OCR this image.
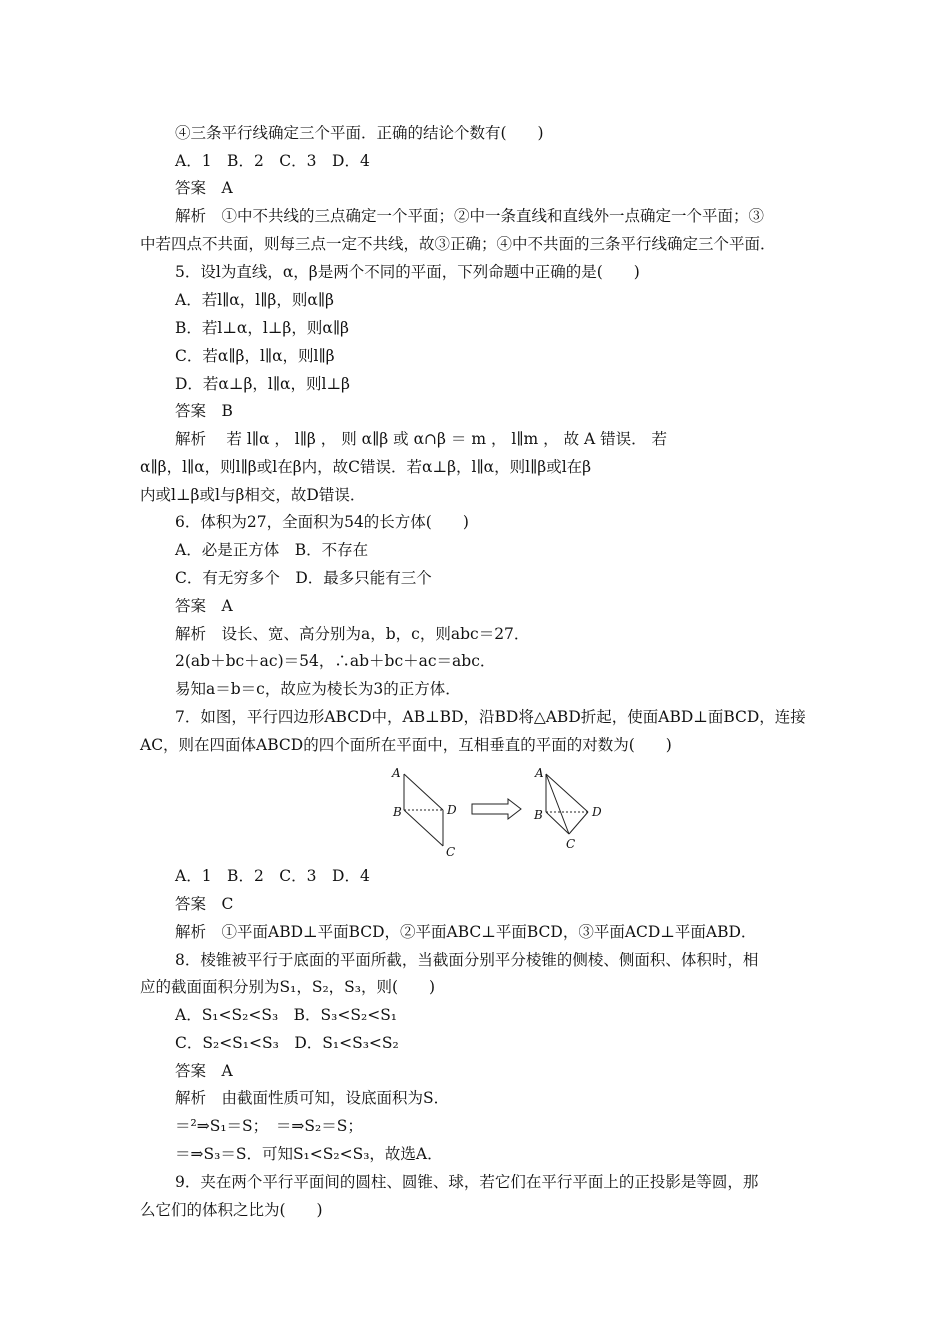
④三条平行线确定三个平面．正确的结论个数有(　　)
A．1　B．2　C．3　D．4
答案　A
解析　①中不共线的三点确定一个平面；②中一条直线和直线外一点确定一个平面；③
中若四点不共面，则每三点一定不共线，故③正确；④中不共面的三条平行线确定三个平面．
5．设l为直线，α，β是两个不同的平面，下列命题中正确的是(　　)
A．若l∥α，l∥β，则α∥β
B．若l⊥α，l⊥β，则α∥β
C．若α∥β，l∥α，则l∥β
D．若α⊥β，l∥α，则l⊥β
答案　B
解析　 若 l∥α ， l∥β ， 则 α∥β 或 α∩β ＝ m ， l∥m ， 故 A 错误． 若
α∥β，l∥α，则l∥β或l在β内，故C错误．若α⊥β，l∥α，则l∥β或l在β
内或l⊥β或l与β相交，故D错误．
6．体积为27，全面积为54的长方体(　　)
A．必是正方体　B．不存在
C．有无穷多个　D．最多只能有三个
答案　A
解析　设长、宽、高分别为a，b，c，则abc＝27．
2(ab＋bc＋ac)＝54，∴ab＋bc＋ac＝abc．
易知a＝b＝c，故应为棱长为3的正方体．
7．如图，平行四边形ABCD中，AB⊥BD，沿BD将△ABD折起，使面ABD⊥面BCD，连接
AC，则在四面体ABCD的四个面所在平面中，互相垂直的平面的对数为(　　)
A
B	D
C
A
B	D
C
A．1　B．2　C．3　D．4
答案　C
解析　①平面ABD⊥平面BCD，②平面ABC⊥平面BCD，③平面ACD⊥平面ABD．
8．棱锥被平行于底面的平面所截，当截面分别平分棱锥的侧棱、侧面积、体积时，相
应的截面面积分别为S₁，S₂，S₃，则(　　)
A．S₁<S₂<S₃　B．S₃<S₂<S₁
C．S₂<S₁<S₃　D．S₁<S₃<S₂
答案　A
解析　由截面性质可知，设底面积为S．
＝²⇒S₁＝S；　＝⇒S₂＝S；
＝⇒S₃＝S．可知S₁<S₂<S₃，故选A．
9．夹在两个平行平面间的圆柱、圆锥、球，若它们在平行平面上的正投影是等圆，那
么它们的体积之比为(　　)
